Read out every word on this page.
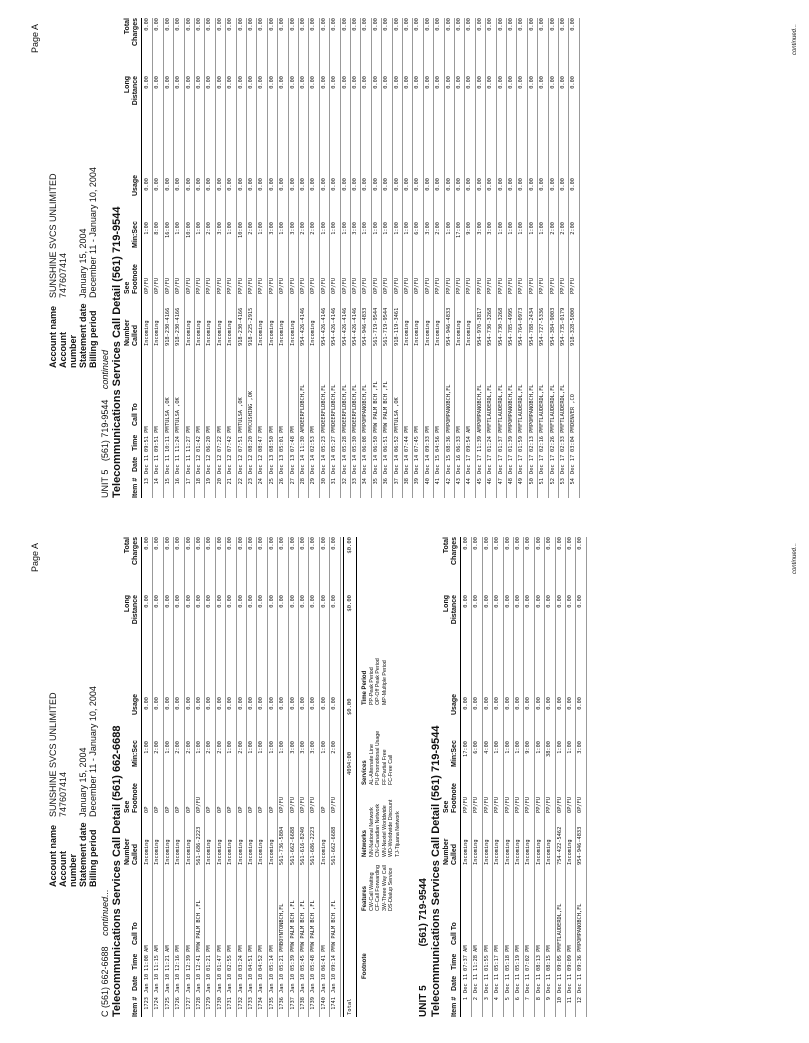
Page A
Account name
SUNSHINE SVCS UNLIMITED
Account number
747607414
Statement date
January 15, 2004
Billing period
December 11 - January 10, 2004
C (561) 662-6688 continued... Telecommunications Services Call Detail (561) 662-6688
Item #
Date
Time
Call To
Number Called
See Footnote
Min:Sec
Usage
Long Distance
Total Charges
1723
Jan 10
11:08 AM
Incoming
OP
1:00
0.00
0.00
0.00
1724
Jan 10
11:15 AM
Incoming
OP
2:00
0.00
0.00
0.00
1725
Jan 10
11:21 AM
Incoming
OP
1:00
0.00
0.00
0.00
1726
Jan 10
12:16 PM
Incoming
OP
2:00
0.00
0.00
0.00
1727
Jan 10
12:39 PM
Incoming
OP
2:00
0.00
0.00
0.00
1728
Jan 10
12:41 PM
W PALM BCH ,FL
561-686-2223
OP/FU
1:00
0.00
0.00
0.00
1729
Jan 10
01:21 PM
Incoming
OP
2:00
0.00
0.00
0.00
1730
Jan 10
01:47 PM
Incoming
OP
2:00
0.00
0.00
0.00
1731
Jan 10
02:55 PM
Incoming
OP
1:00
0.00
0.00
0.00
1732
Jan 10
03:24 PM
Incoming
OP
2:00
0.00
0.00
0.00
1733
Jan 10
04:51 PM
Incoming
OP
1:00
0.00
0.00
0.00
1734
Jan 10
04:52 PM
Incoming
OP
1:00
0.00
0.00
0.00
1735
Jan 10
05:14 PM
Incoming
OP
1:00
0.00
0.00
0.00
1736
Jan 10
05:21 PM
BOYNTONBCH,FL
561-736-5804
OP/FU
1:00
0.00
0.00
0.00
1737
Jan 10
05:39 PM
W PALM BCH ,FL
561-662-6688
OP/FU
3:00
0.00
0.00
0.00
1738
Jan 10
05:45 PM
W PALM BCH ,FL
561-616-8240
OP/FU
3:00
0.00
0.00
0.00
1739
Jan 10
05:48 PM
W PALM BCH ,FL
561-686-2223
OP/FU
3:00
0.00
0.00
0.00
1740
Jan 10
06:41 PM
Incoming
OP
1:00
0.00
0.00
0.00
1741
Jan 10
09:14 PM
W PALM BCH ,FL
561-662-6688
OP/FU
2:00
0.00
0.00
0.00
Total
4094:00
$0.00
$0.00
$0.00
Footnote
Features CW-Call Waiting CF-Call Forwarding 3W-Three Way Call DS-Dialup Service
Networks NN-National Network CN-Canadian Network WN-Nextel Worldwide WD-Worldwide Discount TJ-Tijuana Network
Services AL-Alternate Line PU-Promotional Usage FF-Partial Free FC-Free Call
Time Period PP-Peak Period OP-Off Peak Period MP-Multiple Period
UNIT 5 (561) 719-9544 Telecommunications Services Call Detail (561) 719-9544
Item #
Date
Time
Call To
Number Called
See Footnote
Min:Sec
Usage
Long Distance
Total Charges
1
Dec 11
07:37 AM
Incoming
PP/FU
17:00
0.00
0.00
0.00
2
Dec 11
11:28 AM
Incoming
PP/FU
6:00
0.00
0.00
0.00
3
Dec 11
01:55 PM
Incoming
PP/FU
4:00
0.00
0.00
0.00
4
Dec 11
05:17 PM
Incoming
PP/FU
1:00
0.00
0.00
0.00
5
Dec 11
05:18 PM
Incoming
PP/FU
1:00
0.00
0.00
0.00
6
Dec 11
05:19 PM
Incoming
PP/FU
1:00
0.00
0.00
0.00
7
Dec 11
07:02 PM
Incoming
PP/FU
9:00
0.00
0.00
0.00
8
Dec 11
08:13 PM
Incoming
PP/FU
1:00
0.00
0.00
0.00
9
Dec 11
08:15 PM
Incoming
PP/FU
38:00
0.00
0.00
0.00
10
Dec 11
09:05 PM
FTLAUDERDL,FL
754-422-5462
OP/FU
1:00
0.00
0.00
0.00
11
Dec 11
09:09 PM
Incoming
OP/FU
1:00
0.00
0.00
0.00
12
Dec 11
09:36 PM
POMPANOBCH,FL
954-946-4833
OP/FU
3:00
0.00
0.00
0.00	continued...
Page A
Account name
SUNSHINE SVCS UNLIMITED
Account number
747607414
Statement date
January 15, 2004
Billing period
December 11 - January 10, 2004
UNIT 5 (561) 719-9544 continued Telecommunications Services Call Detail (561) 719-9544
Item #
Date
Time
Call To
Number Called
See Footnote
Min:Sec
Usage
Long Distance
Total Charges
13
Dec 11
09:51 PM
Incoming
OP/FU
1:00
0.00
0.00
0.00
14
Dec 11
09:51 PM
Incoming
OP/FU
8:00
0.00
0.00
0.00
15
Dec 11
10:11 PM
TULSA ,OK
918-230-4166
OP/FU
16:00
0.00
0.00
0.00
16
Dec 11
11:24 PM
TULSA ,OK
918-230-4166
OP/FU
1:00
0.00
0.00
0.00
17
Dec 11
11:27 PM
Incoming
OP/FU
10:00
0.00
0.00
0.00
18
Dec 12
01:42 PM
Incoming
PP/FU
1:00
0.00
0.00
0.00
19
Dec 12
06:20 PM
Incoming
PP/FU
2:00
0.00
0.00
0.00
20
Dec 12
07:22 PM
Incoming
PP/FU
3:00
0.00
0.00
0.00
21
Dec 12
07:42 PM
Incoming
PP/FU
1:00
0.00
0.00
0.00
22
Dec 12
07:51 PM
TULSA ,OK
918-230-4166
PP/FU
10:00
0.00
0.00
0.00
23
Dec 12
08:20 PM
CUSHING ,OK
918-225-2915
PP/FU
2:00
0.00
0.00
0.00
24
Dec 12
08:47 PM
Incoming
PP/FU
1:00
0.00
0.00
0.00
25
Dec 13
08:50 PM
Incoming
PP/FU
3:00
0.00
0.00
0.00
26
Dec 13
05:01 PM
Incoming
OP/FU
1:00
0.00
0.00
0.00
27
Dec 13
07:48 PM
Incoming
OP/FU
3:00
0.00
0.00
0.00
28
Dec 14
11:30 AM
DEERFLDBCH,FL
954-426-4146
OP/FU
2:00
0.00
0.00
0.00
29
Dec 14
02:53 PM
Incoming
OP/FU
2:00
0.00
0.00
0.00
30
Dec 14
05:23 PM
DEERFLDBCH,FL
954-426-4146
OP/FU
1:00
0.00
0.00
0.00
31
Dec 14
05:27 PM
DEERFLDBCH,FL
954-426-4146
OP/FU
1:00
0.00
0.00
0.00
32
Dec 14
05:28 PM
DEERFLDBCH,FL
954-426-4146
OP/FU
1:00
0.00
0.00
0.00
33
Dec 14
05:30 PM
DEERFLDBCH,FL
954-426-4146
OP/FU
3:00
0.00
0.00
0.00
34
Dec 14
06:08 PM
POMPANOBCH,FL
954-946-4833
OP/FU
1:00
0.00
0.00
0.00
35
Dec 14
06:50 PM
W PALM BCH ,FL
561-719-9544
OP/FU
1:00
0.00
0.00
0.00
36
Dec 14
06:51 PM
W PALM BCH ,FL
561-719-9544
OP/FU
1:00
0.00
0.00
0.00
37
Dec 14
06:52 PM
TULSA ,OK
918-119-3461
OP/FU
1:00
0.00
0.00
0.00
38
Dec 14
07:44 PM
Incoming
OP/FU
1:00
0.00
0.00
0.00
39
Dec 14
07:45 PM
Incoming
OP/FU
6:00
0.00
0.00
0.00
40
Dec 14
09:33 PM
Incoming
OP/FU
3:00
0.00
0.00
0.00
41
Dec 15
04:56 PM
Incoming
PP/FU
2:00
0.00
0.00
0.00
42
Dec 15
08:36 PM
POMPANOBCH,FL
954-946-4833
PP/FU
1:00
0.00
0.00
0.00
43
Dec 16
06:33 PM
Incoming
PP/FU
17:00
0.00
0.00
0.00
44
Dec 17
09:54 AM
Incoming
PP/FU
9:00
0.00
0.00
0.00
45
Dec 17
11:39 AM
POMPANOBCH,FL
954-970-3817
PP/FU
3:00
0.00
0.00
0.00
46
Dec 17
01:24 PM
FTLAUDERDL,FL
954-730-3268
PP/FU
3:00
0.00
0.00
0.00
47
Dec 17
01:37 PM
FTLAUDERDL,FL
954-730-3268
PP/FU
1:00
0.00
0.00
0.00
48
Dec 17
01:39 PM
POMPANOBCH,FL
954-785-4995
PP/FU
1:00
0.00
0.00
0.00
49
Dec 17
01:59 PM
FTLAUDERDL,FL
954-764-0973
PP/FU
1:00
0.00
0.00
0.00
50
Dec 17
02:13 PM
POMPANOBCH,FL
954-788-2434
PP/FU
1:00
0.00
0.00
0.00
51
Dec 17
02:16 PM
FTLAUDERDL,FL
954-727-5336
PP/FU
1:00
0.00
0.00
0.00
52
Dec 17
02:26 PM
FTLAUDERDL,FL
954-384-9003
PP/FU
2:00
0.00
0.00
0.00
53
Dec 17
02:33 PM
FTLAUDERDL,FL
954-735-0179
PP/FU
2:00
0.00
0.00
0.00
54
Dec 17
03:04 PM
DENVER ,CO
918-328-5000
PP/FU
2:00
0.00
0.00
0.00	continued...
